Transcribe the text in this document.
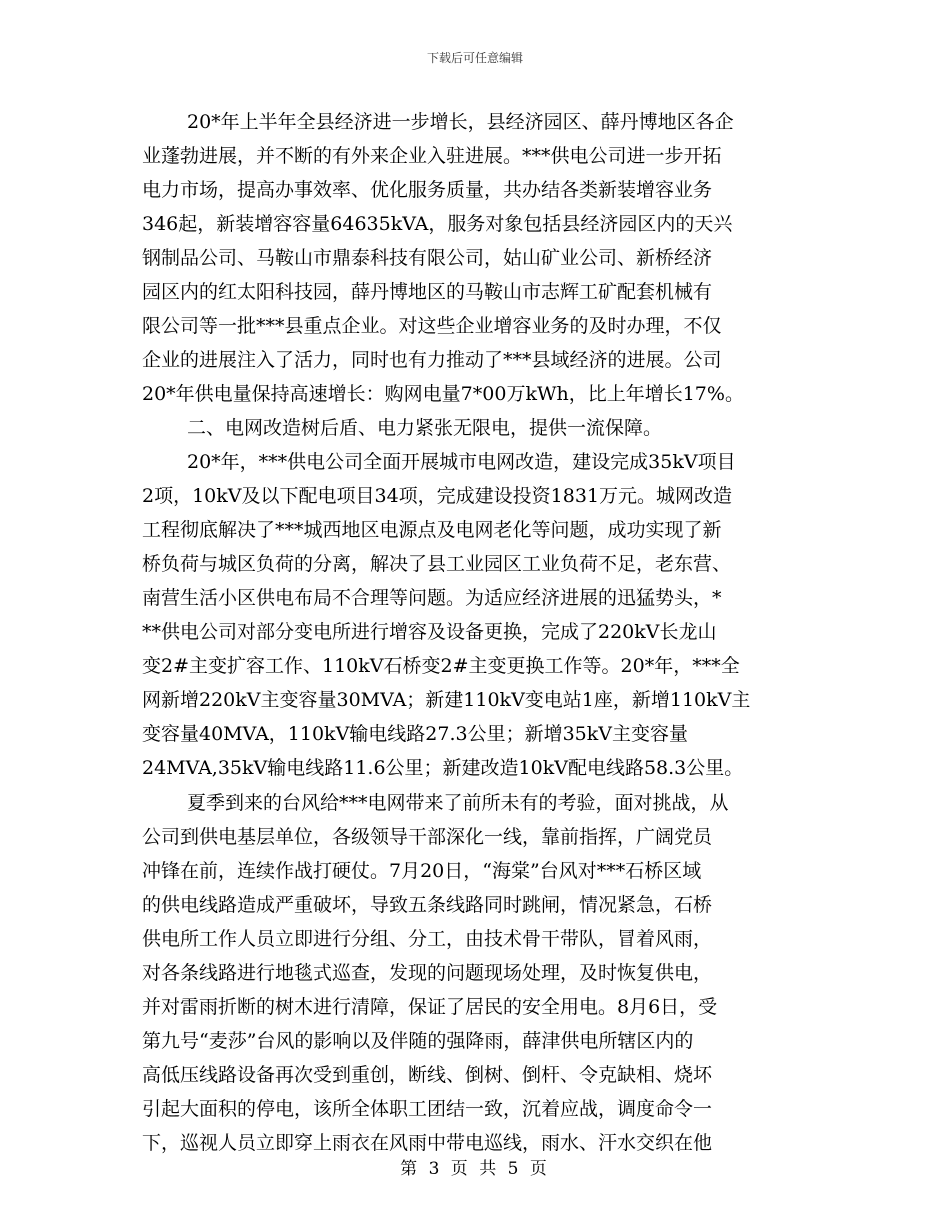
下载后可任意编辑
20*年上半年全县经济进一步增长，县经济园区、薛丹博地区各企
业蓬勃进展，并不断的有外来企业入驻进展。***供电公司进一步开拓
电力市场，提高办事效率、优化服务质量，共办结各类新装增容业务
346起，新装增容容量64635kVA，服务对象包括县经济园区内的天兴
钢制品公司、马鞍山市鼎泰科技有限公司，姑山矿业公司、新桥经济
园区内的红太阳科技园，薛丹博地区的马鞍山市志辉工矿配套机械有
限公司等一批***县重点企业。对这些企业增容业务的及时办理，不仅
企业的进展注入了活力，同时也有力推动了***县域经济的进展。公司
20*年供电量保持高速增长：购网电量7*00万kWh，比上年增长17%。
二、电网改造树后盾、电力紧张无限电，提供一流保障。
20*年，***供电公司全面开展城市电网改造，建设完成35kV项目
2项，10kV及以下配电项目34项，完成建设投资1831万元。城网改造
工程彻底解决了***城西地区电源点及电网老化等问题，成功实现了新
桥负荷与城区负荷的分离，解决了县工业园区工业负荷不足，老东营、
南营生活小区供电布局不合理等问题。为适应经济进展的迅猛势头，*
**供电公司对部分变电所进行增容及设备更换，完成了220kV长龙山
变2#主变扩容工作、110kV石桥变2#主变更换工作等。20*年，***全
网新增220kV主变容量30MVA；新建110kV变电站1座，新增110kV主
变容量40MVA，110kV输电线路27.3公里；新增35kV主变容量
24MVA,35kV输电线路11.6公里；新建改造10kV配电线路58.3公里。
夏季到来的台风给***电网带来了前所未有的考验，面对挑战，从
公司到供电基层单位，各级领导干部深化一线，靠前指挥，广阔党员
冲锋在前，连续作战打硬仗。7月20日，“海棠”台风对***石桥区域
的供电线路造成严重破坏，导致五条线路同时跳闸，情况紧急，石桥
供电所工作人员立即进行分组、分工，由技术骨干带队，冒着风雨，
对各条线路进行地毯式巡查，发现的问题现场处理，及时恢复供电，
并对雷雨折断的树木进行清障，保证了居民的安全用电。8月6日，受
第九号“麦莎”台风的影响以及伴随的强降雨，薛津供电所辖区内的
高低压线路设备再次受到重创，断线、倒树、倒杆、令克缺相、烧坏
引起大面积的停电，该所全体职工团结一致，沉着应战，调度命令一
下，巡视人员立即穿上雨衣在风雨中带电巡线，雨水、汗水交织在他
第 3 页 共 5 页
